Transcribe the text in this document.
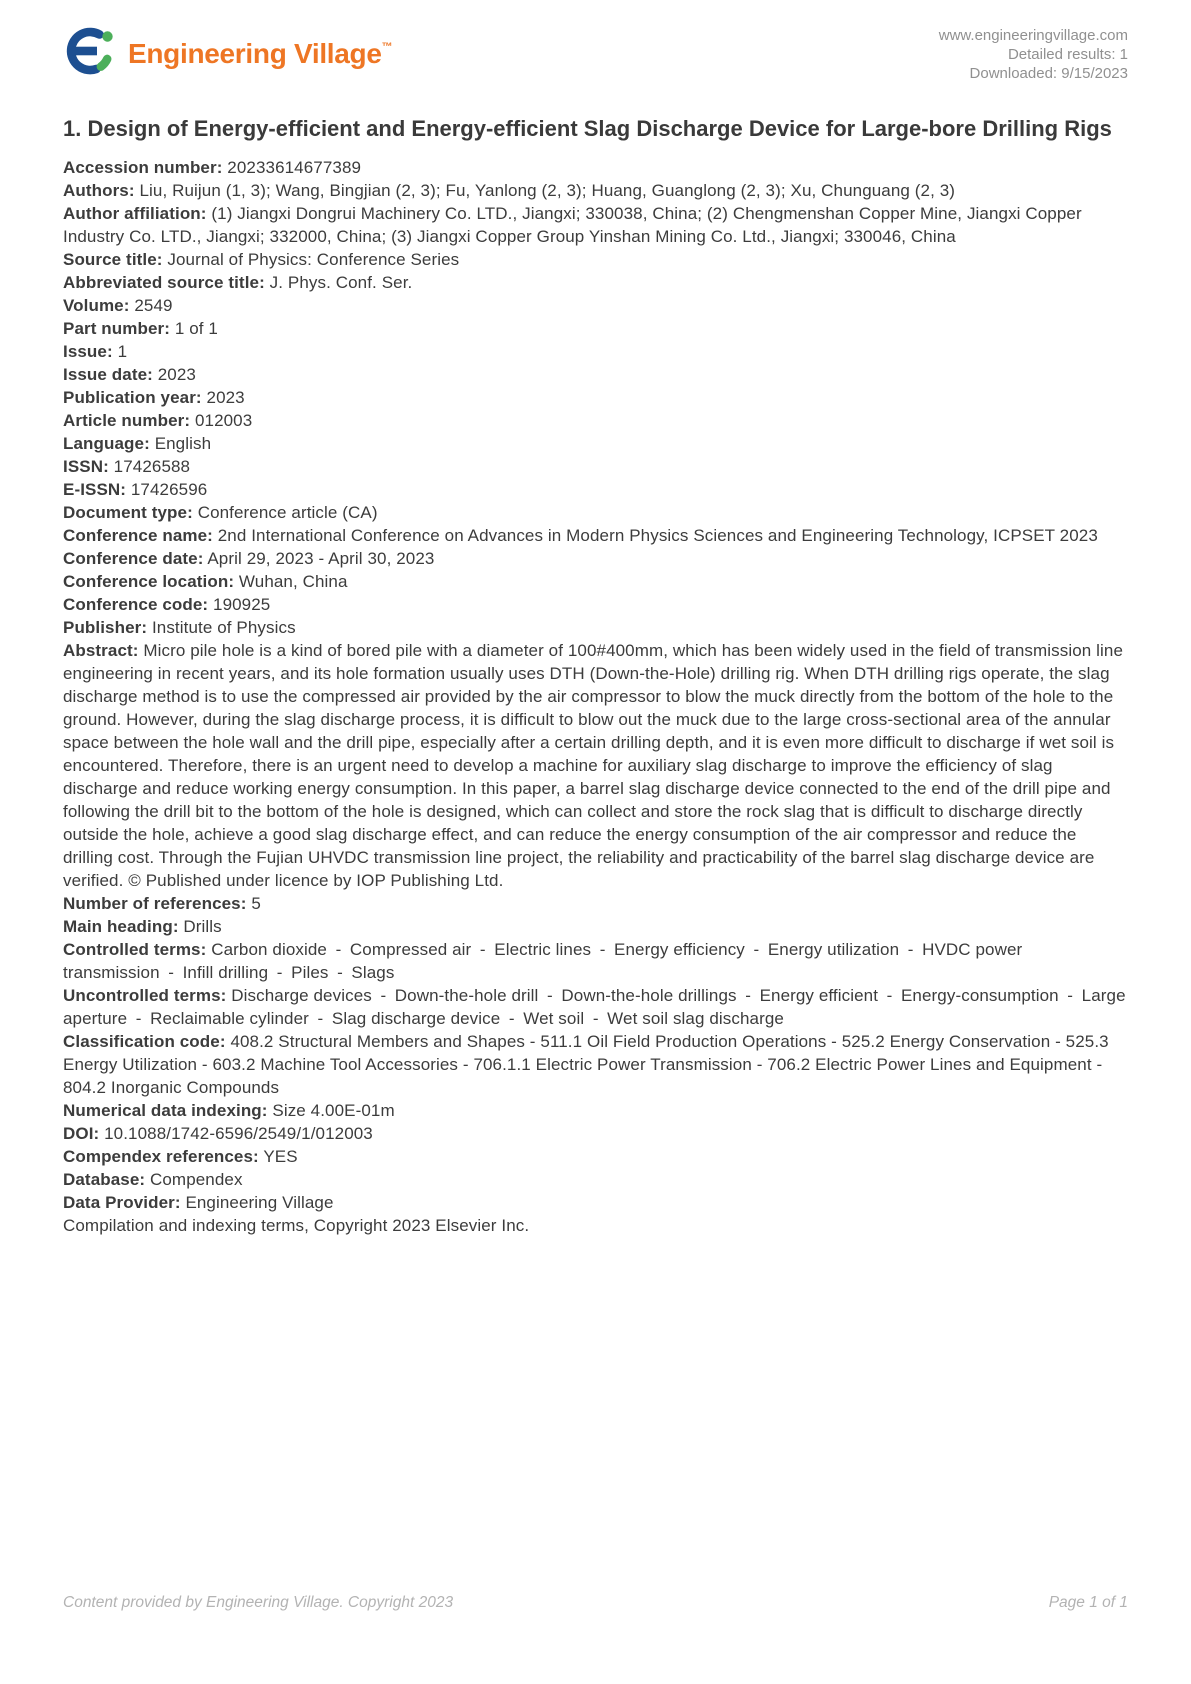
Engineering Village™
www.engineeringvillage.com
Detailed results: 1
Downloaded: 9/15/2023
1. Design of Energy-efficient and Energy-efficient Slag Discharge Device for Large-bore Drilling Rigs
Accession number: 20233614677389
Authors: Liu, Ruijun (1, 3); Wang, Bingjian (2, 3); Fu, Yanlong (2, 3); Huang, Guanglong (2, 3); Xu, Chunguang (2, 3)
Author affiliation: (1) Jiangxi Dongrui Machinery Co. LTD., Jiangxi; 330038, China; (2) Chengmenshan Copper Mine, Jiangxi Copper Industry Co. LTD., Jiangxi; 332000, China; (3) Jiangxi Copper Group Yinshan Mining Co. Ltd., Jiangxi; 330046, China
Source title: Journal of Physics: Conference Series
Abbreviated source title: J. Phys. Conf. Ser.
Volume: 2549
Part number: 1 of 1
Issue: 1
Issue date: 2023
Publication year: 2023
Article number: 012003
Language: English
ISSN: 17426588
E-ISSN: 17426596
Document type: Conference article (CA)
Conference name: 2nd International Conference on Advances in Modern Physics Sciences and Engineering Technology, ICPSET 2023
Conference date: April 29, 2023 - April 30, 2023
Conference location: Wuhan, China
Conference code: 190925
Publisher: Institute of Physics
Abstract: Micro pile hole is a kind of bored pile with a diameter of 100#400mm, which has been widely used in the field of transmission line engineering in recent years, and its hole formation usually uses DTH (Down-the-Hole) drilling rig. When DTH drilling rigs operate, the slag discharge method is to use the compressed air provided by the air compressor to blow the muck directly from the bottom of the hole to the ground. However, during the slag discharge process, it is difficult to blow out the muck due to the large cross-sectional area of the annular space between the hole wall and the drill pipe, especially after a certain drilling depth, and it is even more difficult to discharge if wet soil is encountered. Therefore, there is an urgent need to develop a machine for auxiliary slag discharge to improve the efficiency of slag discharge and reduce working energy consumption. In this paper, a barrel slag discharge device connected to the end of the drill pipe and following the drill bit to the bottom of the hole is designed, which can collect and store the rock slag that is difficult to discharge directly outside the hole, achieve a good slag discharge effect, and can reduce the energy consumption of the air compressor and reduce the drilling cost. Through the Fujian UHVDC transmission line project, the reliability and practicability of the barrel slag discharge device are verified. © Published under licence by IOP Publishing Ltd.
Number of references: 5
Main heading: Drills
Controlled terms: Carbon dioxide - Compressed air - Electric lines - Energy efficiency - Energy utilization - HVDC power transmission - Infill drilling - Piles - Slags
Uncontrolled terms: Discharge devices - Down-the-hole drill - Down-the-hole drillings - Energy efficient - Energy-consumption - Large aperture - Reclaimable cylinder - Slag discharge device - Wet soil - Wet soil slag discharge
Classification code: 408.2 Structural Members and Shapes - 511.1 Oil Field Production Operations - 525.2 Energy Conservation - 525.3 Energy Utilization - 603.2 Machine Tool Accessories - 706.1.1 Electric Power Transmission - 706.2 Electric Power Lines and Equipment - 804.2 Inorganic Compounds
Numerical data indexing: Size 4.00E-01m
DOI: 10.1088/1742-6596/2549/1/012003
Compendex references: YES
Database: Compendex
Data Provider: Engineering Village
Compilation and indexing terms, Copyright 2023 Elsevier Inc.
Content provided by Engineering Village. Copyright 2023	Page 1 of 1
